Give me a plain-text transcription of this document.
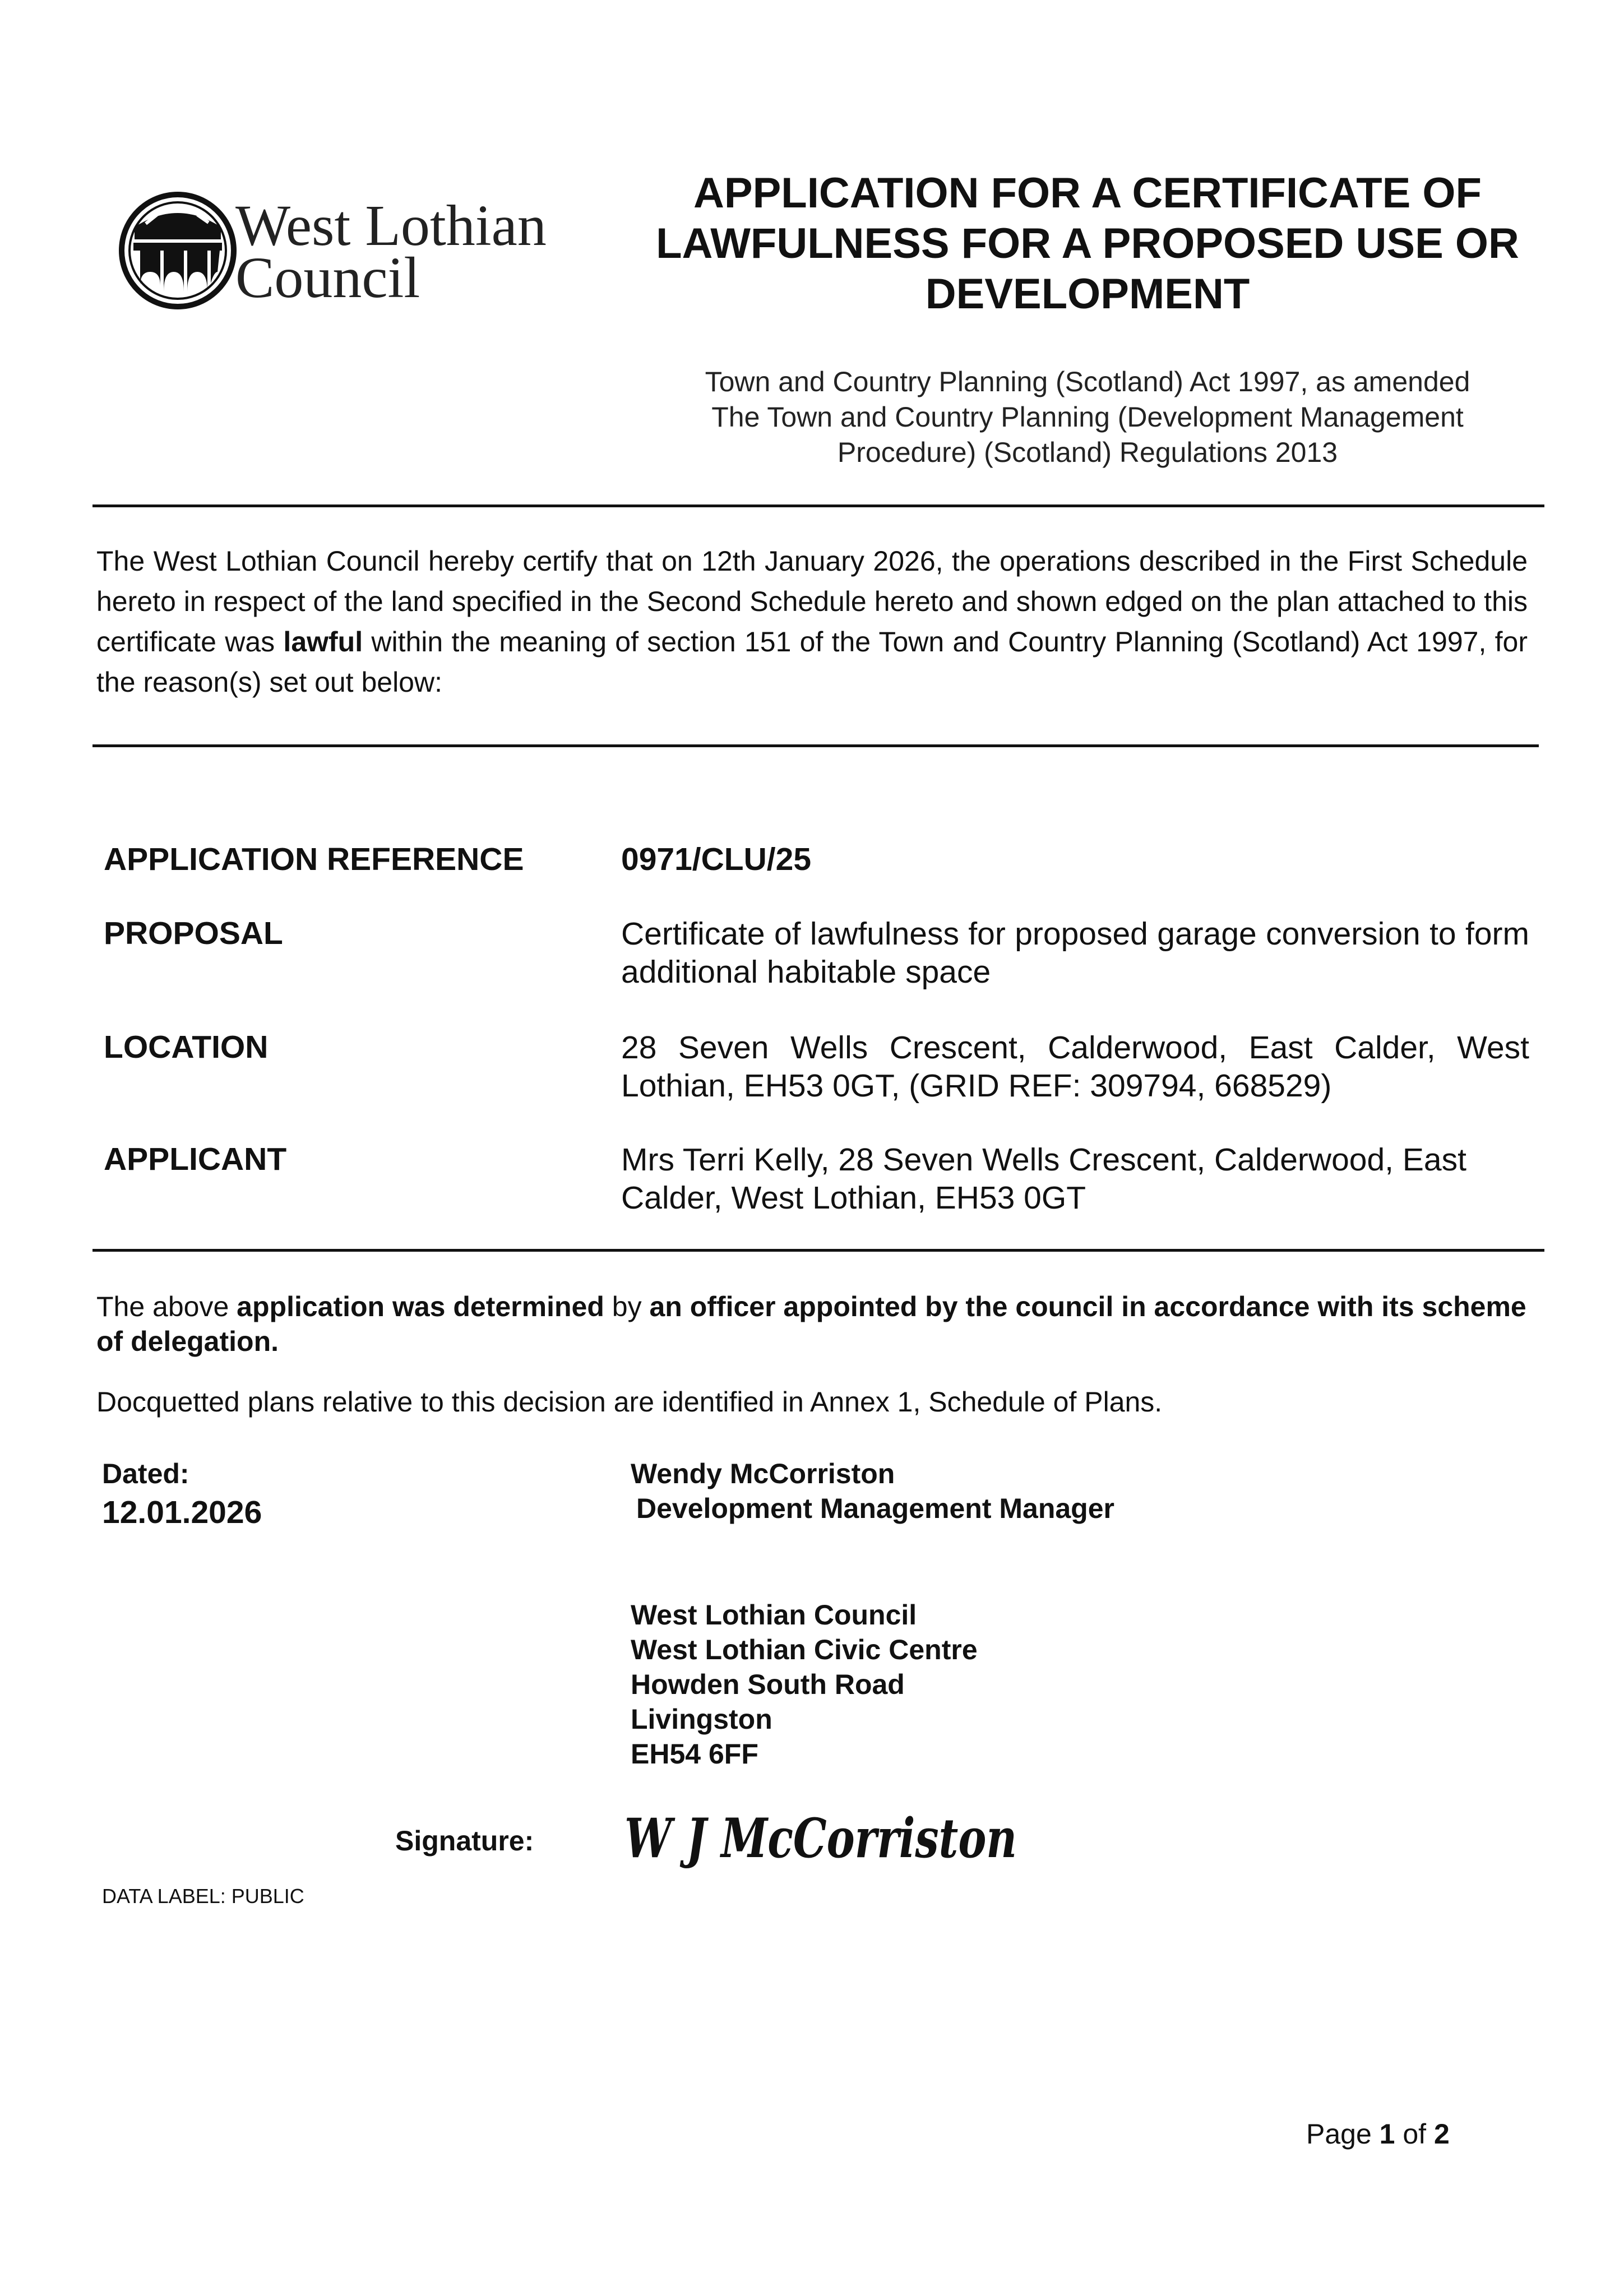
West Lothian
Council
APPLICATION FOR A CERTIFICATE OF
LAWFULNESS FOR A PROPOSED USE OR
DEVELOPMENT
Town and Country Planning (Scotland) Act 1997, as amended
The Town and Country Planning (Development Management
Procedure) (Scotland) Regulations 2013
The West Lothian Council hereby certify that on 12th January 2026, the operations described in the First Schedule hereto in respect of the land specified in the Second Schedule hereto and shown edged on the plan attached to this certificate was lawful within the meaning of section 151 of the Town and Country Planning (Scotland) Act 1997, for the reason(s) set out below:
APPLICATION REFERENCE	0971/CLU/25
PROPOSAL	Certificate of lawfulness for proposed garage conversion to form additional habitable space
LOCATION	28 Seven Wells Crescent, Calderwood, East Calder, West Lothian, EH53 0GT, (GRID REF: 309794, 668529)
APPLICANT	Mrs Terri Kelly, 28 Seven Wells Crescent, Calderwood, East Calder, West Lothian, EH53 0GT
The above application was determined by an officer appointed by the council in accordance with its scheme of delegation.
Docquetted plans relative to this decision are identified in Annex 1, Schedule of Plans.
Dated:
12.01.2026
Wendy McCorriston
Development Management Manager
West Lothian Council
West Lothian Civic Centre
Howden South Road
Livingston
EH54 6FF
Signature: W J McCorriston
DATA LABEL: PUBLIC
Page 1 of 2
